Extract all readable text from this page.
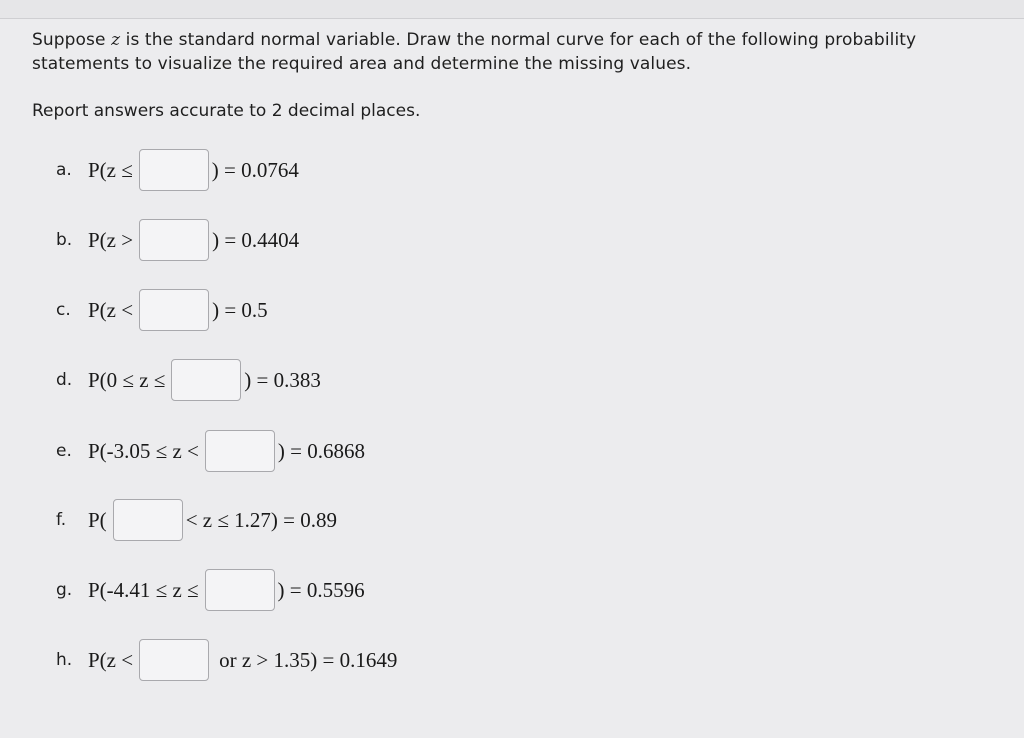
Suppose z is the standard normal variable. Draw the normal curve for each of the following probability
statements to visualize the required area and determine the missing values.
Report answers accurate to 2 decimal places.
a. P(z ≤	) = 0.0764
b. P(z >	) = 0.4404
c. P(z <	) = 0.5
d. P(0 ≤ z ≤	) = 0.383
e. P(-3.05 ≤ z <	) = 0.6868
f.	P(	< z ≤ 1.27) = 0.89
g. P(-4.41 ≤ z ≤	) = 0.5596
h. P(z <	or z > 1.35) = 0.1649
